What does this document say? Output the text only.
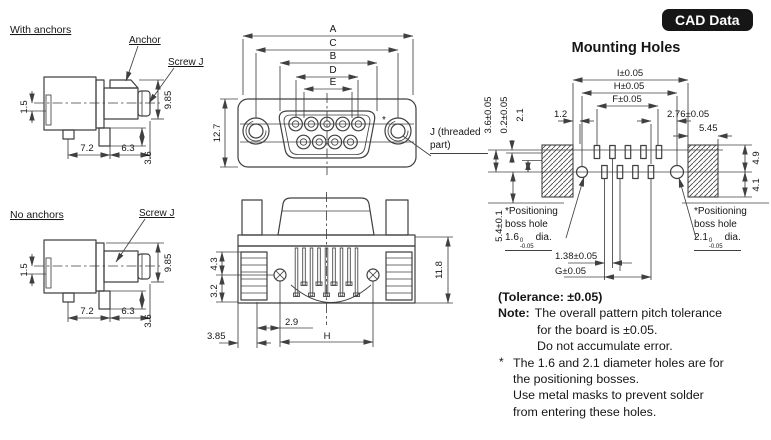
With anchors
Anchor
Screw J
1.5	9.85
7.2	6.3
3.6
No anchors	Screw J
1.5	9.85
7.2	6.3
3.6
A
C
B
D
E
*
12.7	J (threaded
part)
4.3
3.2
11.8
2.9
H
3.85
I±0.05
H±0.05
F±0.05
1.2	2.76±0.05
5.45
3.6±0.05 0.2±0.05 2.1
4.9
4.1
5.4±0.1
1.38±0.05
G±0.05
CAD Data
Mounting Holes
*Positioning
boss hole
1.6 0
-0.05
dia.
*Positioning
boss hole
2.1 0
-0.05
dia.
(Tolerance: ±0.05)
Note: The overall pattern pitch tolerance
for the board is ±0.05.
Do not accumulate error.
* The 1.6 and 2.1 diameter holes are for
the positioning bosses.
Use metal masks to prevent solder
from entering these holes.
